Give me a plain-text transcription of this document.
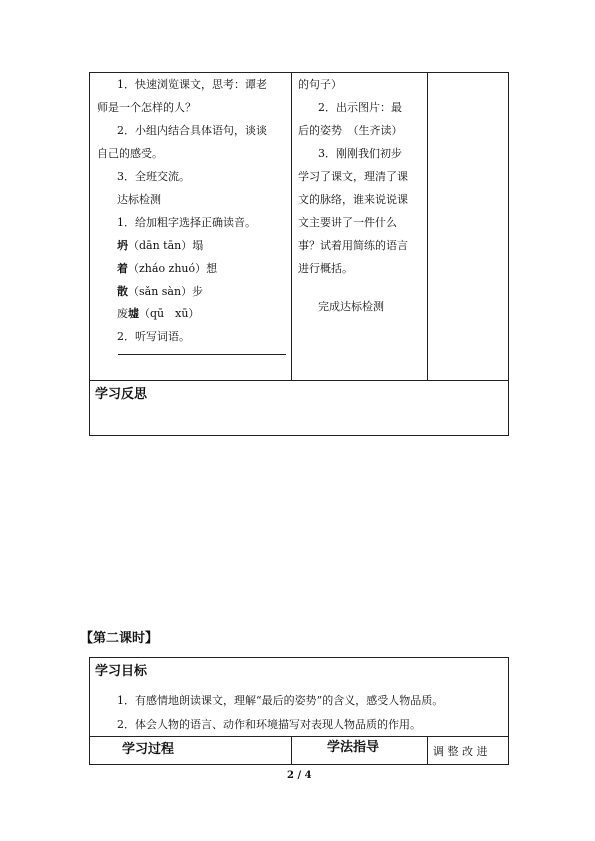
1．快速浏览课文，思考：谭老
师是一个怎样的人？
2．小组内结合具体语句，谈谈
自己的感受。
3．全班交流。
达标检测
1．给加粗字选择正确读音。
坍（dān tān）塌
着（zháo zhuó）想
散（sǎn sàn）步
废墟（qū　xū）
2．听写词语。
的句子）
2．出示图片：最
后的姿势　（生齐读）
3．刚刚我们初步
学习了课文，理清了课
文的脉络，谁来说说课
文主要讲了一件什么
事？试着用简练的语言
进行概括。
完成达标检测
学习反思
【第二课时】
学习目标
1．有感情地朗读课文，理解“最后的姿势”的含义，感受人物品质。
2．体会人物的语言、动作和环境描写对表现人物品质的作用。
学习过程	学法指导	调 整 改 进
2 / 4
